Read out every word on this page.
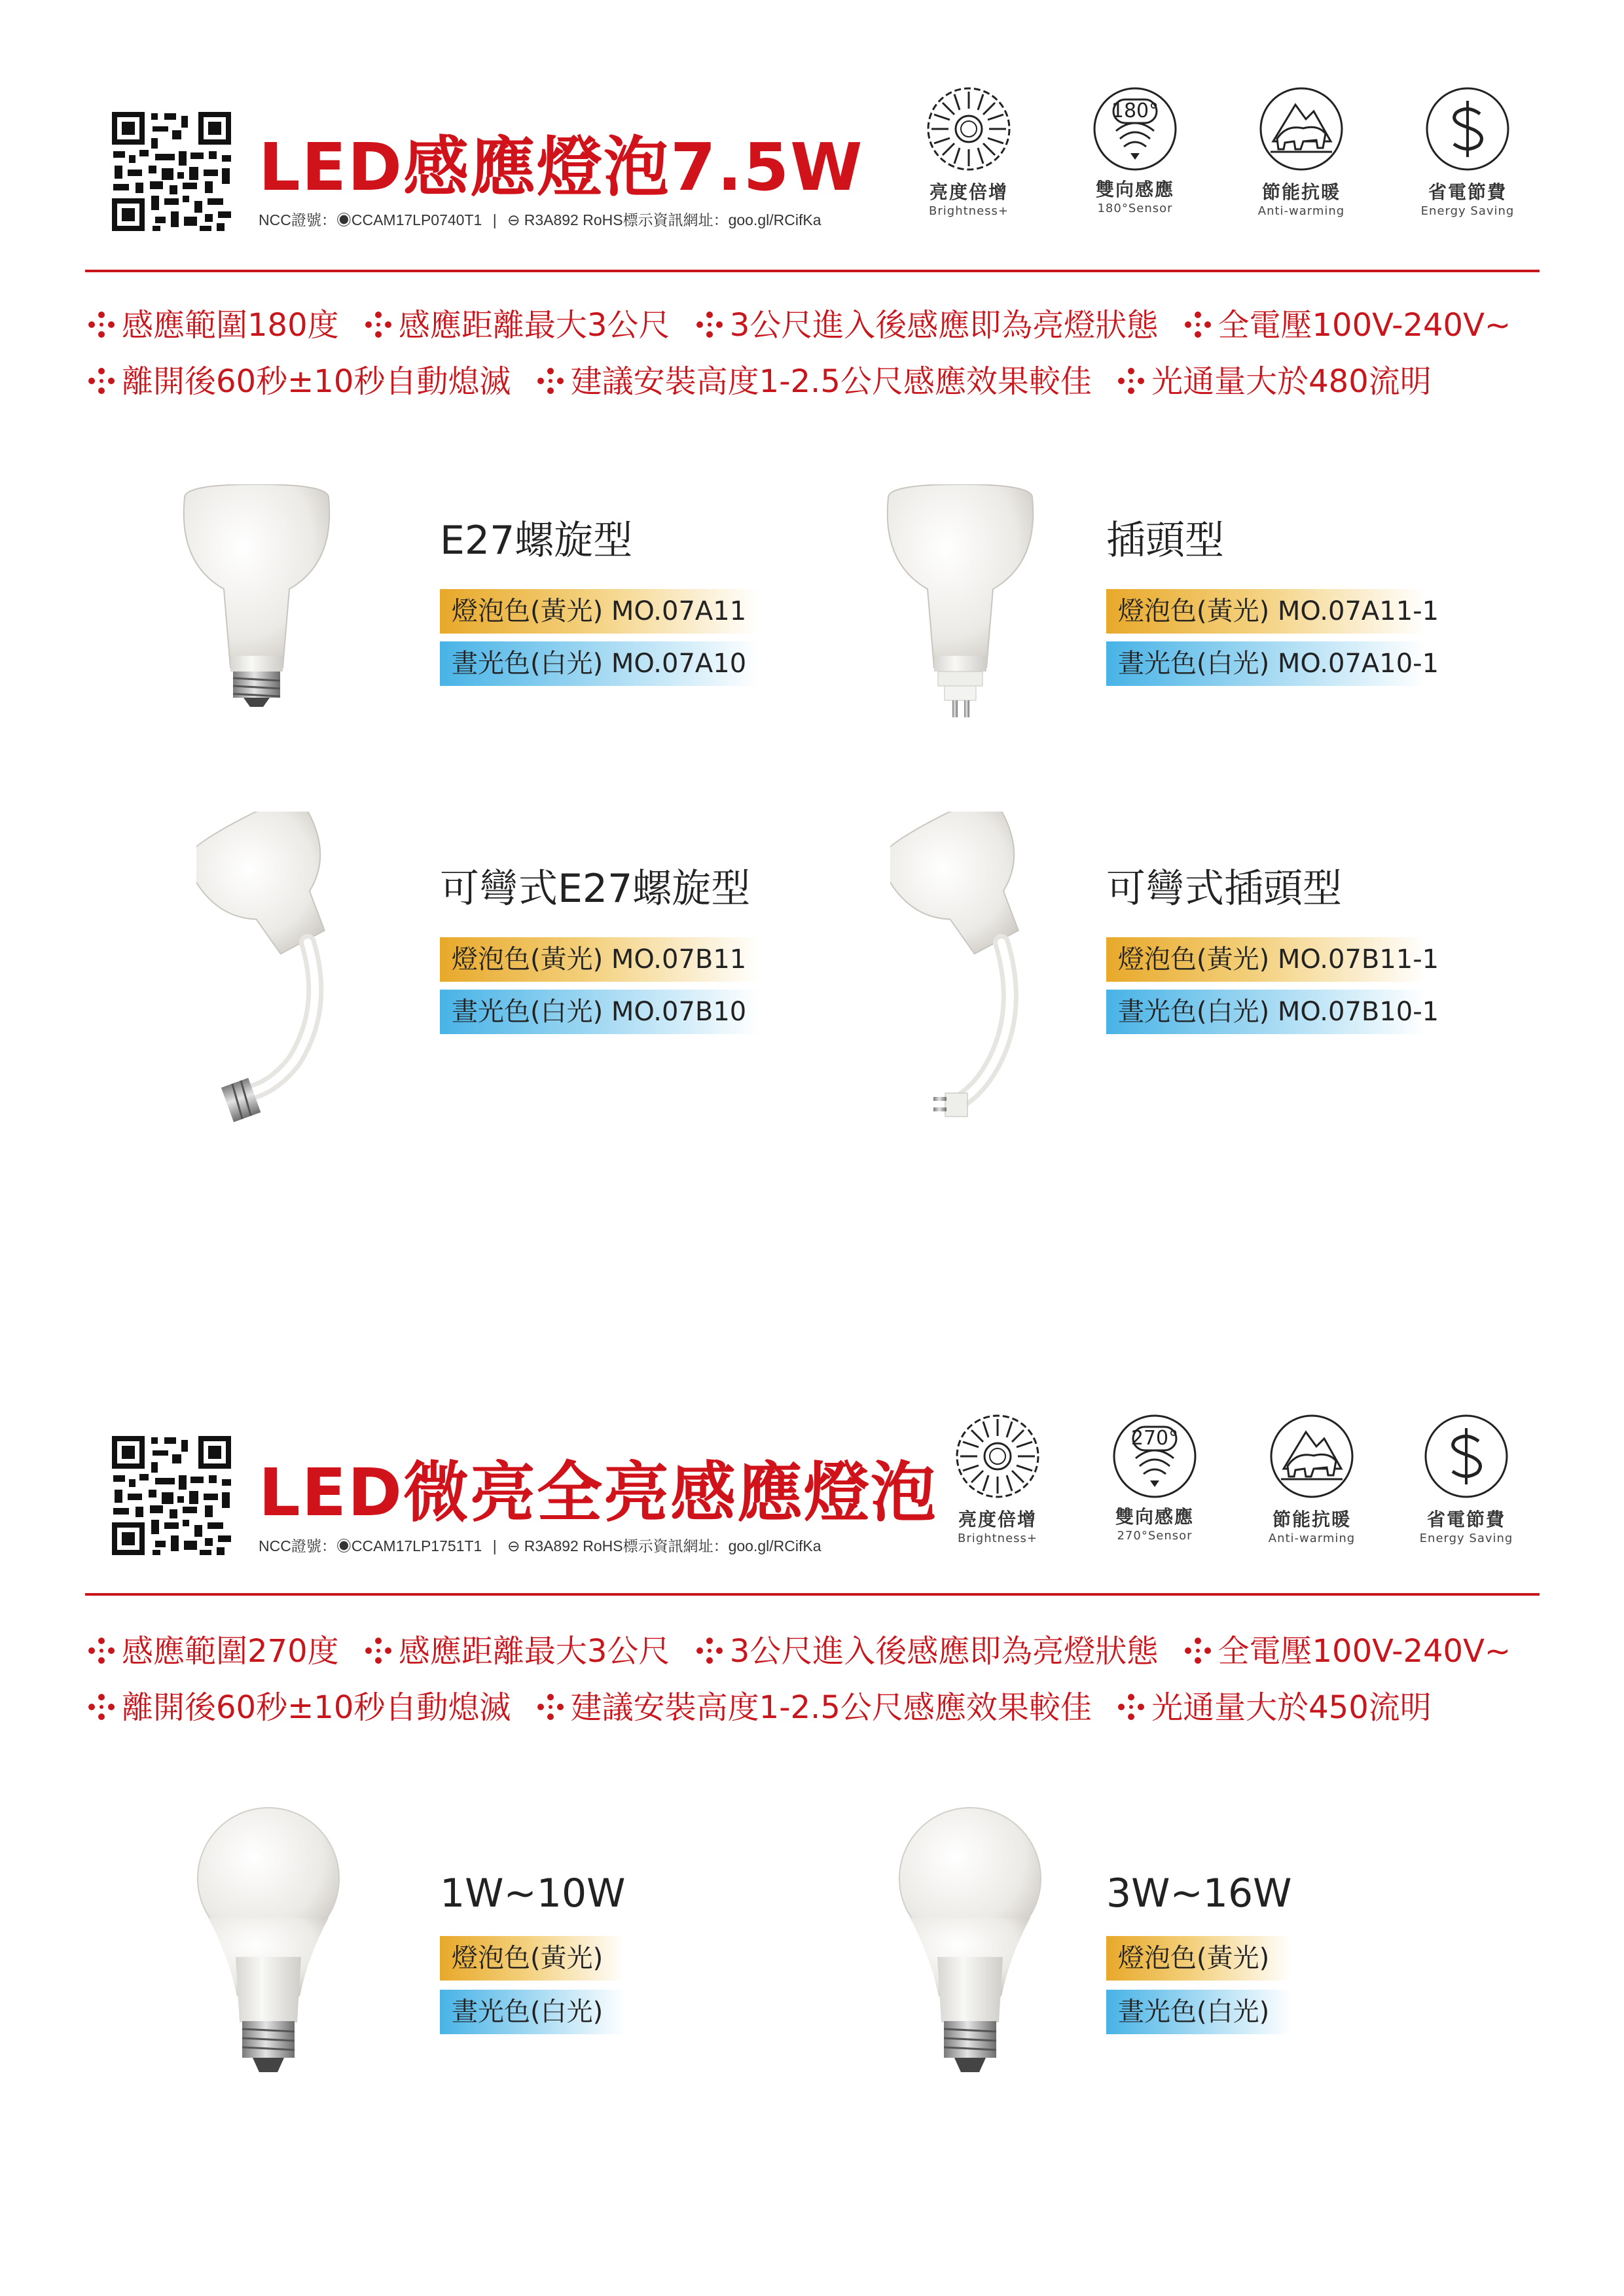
LED感應燈泡7.5W
NCC證號：◉CCAM17LP0740T1 | ⊖ R3A892 RoHS標示資訊網址：goo.gl/RCifKa
亮度倍增
Brightness+
180°
雙向感應
180°Sensor
節能抗暖
Anti-warming
省電節費
Energy Saving
感應範圍180度 感應距離最大3公尺 3公尺進入後感應即為亮燈狀態 全電壓100V-240V~
離開後60秒±10秒自動熄滅 建議安裝高度1-2.5公尺感應效果較佳 光通量大於480流明
E27螺旋型
燈泡色(黃光) MO.07A11
晝光色(白光) MO.07A10
插頭型
燈泡色(黃光) MO.07A11-1
晝光色(白光) MO.07A10-1
可彎式E27螺旋型
燈泡色(黃光) MO.07B11
晝光色(白光) MO.07B10
可彎式插頭型
燈泡色(黃光) MO.07B11-1
晝光色(白光) MO.07B10-1
LED微亮全亮感應燈泡
NCC證號：◉CCAM17LP1751T1 | ⊖ R3A892 RoHS標示資訊網址：goo.gl/RCifKa
亮度倍增
Brightness+
270°
雙向感應
270°Sensor
節能抗暖
Anti-warming
省電節費
Energy Saving
感應範圍270度 感應距離最大3公尺 3公尺進入後感應即為亮燈狀態 全電壓100V-240V~
離開後60秒±10秒自動熄滅 建議安裝高度1-2.5公尺感應效果較佳 光通量大於450流明
1W~10W
燈泡色(黃光)
晝光色(白光)
3W~16W
燈泡色(黃光)
晝光色(白光)
